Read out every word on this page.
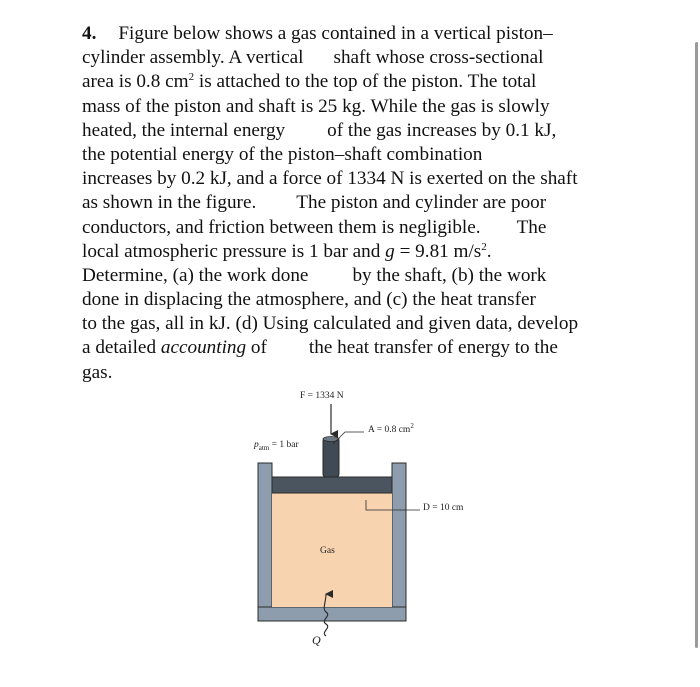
4. Figure below shows a gas contained in a vertical piston–
cylinder assembly. A vertical shaft whose cross-sectional
area is 0.8 $cm^2$ is attached to the top of the piston. The total
mass of the piston and shaft is 25 kg. While the gas is slowly
heated, the internal energy of the gas increases by 0.1 kJ,
the potential energy of the piston–shaft combination
increases by 0.2 kJ, and a force of 1334 N is exerted on the shaft
as shown in the figure. The piston and cylinder are poor
conductors, and friction between them is negligible. The
local atmospheric pressure is 1 bar and g = 9.81 $m/s^2$.
Determine, (a) the work done by the shaft, (b) the work
done in displacing the atmosphere, and (c) the heat transfer
to the gas, all in kJ. (d) Using calculated and given data, develop
a detailed accounting of the heat transfer of energy to the
gas.
F = 1334 N
A = 0.8 $cm^2$
$p_{atm} = 1$ bar
D = 10 cm
Gas
Q
